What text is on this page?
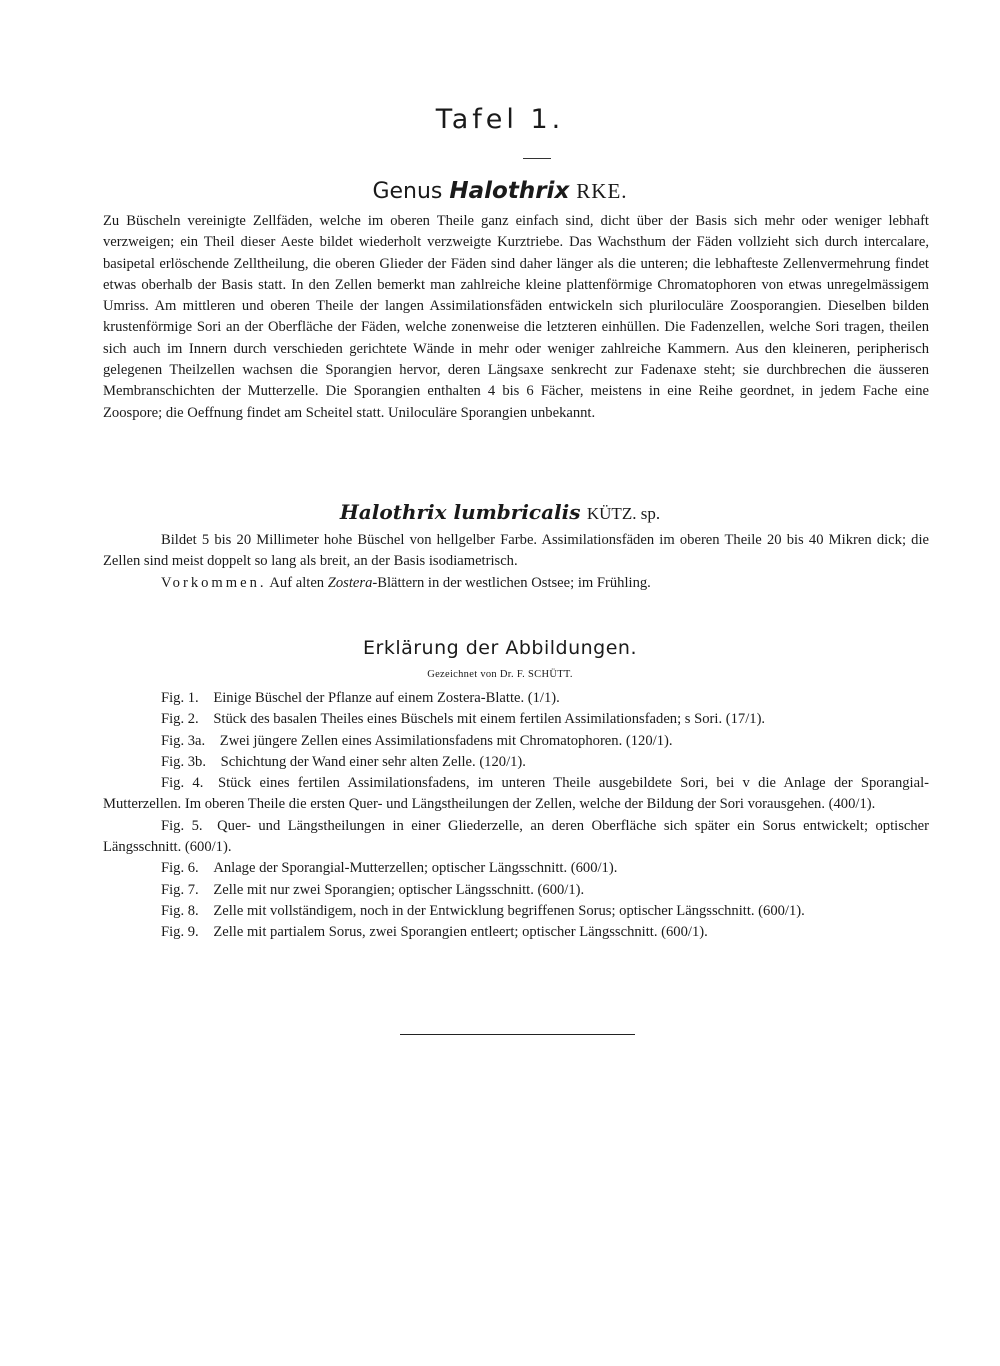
Tafel 1.
Genus Halothrix RKE.

Zu Büscheln vereinigte Zellfäden, welche im oberen Theile ganz einfach sind, dicht über der Basis sich mehr oder weniger lebhaft verzweigen; ein Theil dieser Aeste bildet wiederholt verzweigte Kurztriebe. Das Wachsthum der Fäden vollzieht sich durch intercalare, basipetal erlöschende Zelltheilung, die oberen Glieder der Fäden sind daher länger als die unteren; die lebhafteste Zellenvermehrung findet etwas oberhalb der Basis statt. In den Zellen bemerkt man zahlreiche kleine plattenförmige Chromatophoren von etwas unregelmässigem Umriss. Am mittleren und oberen Theile der langen Assimilationsfäden entwickeln sich pluriloculäre Zoosporangien. Dieselben bilden krustenförmige Sori an der Oberfläche der Fäden, welche zonenweise die letzteren einhüllen. Die Fadenzellen, welche Sori tragen, theilen sich auch im Innern durch verschieden gerichtete Wände in mehr oder weniger zahlreiche Kammern. Aus den kleineren, peripherisch gelegenen Theilzellen wachsen die Sporangien hervor, deren Längsaxe senkrecht zur Fadenaxe steht; sie durchbrechen die äusseren Membranschichten der Mutterzelle. Die Sporangien enthalten 4 bis 6 Fächer, meistens in eine Reihe geordnet, in jedem Fache eine Zoospore; die Oeffnung findet am Scheitel statt. Uniloculäre Sporangien unbekannt.

Halothrix lumbricalis KÜTZ. sp.

Bildet 5 bis 20 Millimeter hohe Büschel von hellgelber Farbe. Assimilationsfäden im oberen Theile 20 bis 40 Mikren dick; die Zellen sind meist doppelt so lang als breit, an der Basis isodiametrisch.

Vorkommen. Auf alten Zostera-Blättern in der westlichen Ostsee; im Frühling.

Erklärung der Abbildungen.
Gezeichnet von Dr. F. SCHÜTT.

Fig. 1.  Einige Büschel der Pflanze auf einem Zostera-Blatte. (1/1).

Fig. 2.  Stück des basalen Theiles eines Büschels mit einem fertilen Assimilationsfaden; s Sori. (17/1).

Fig. 3a.  Zwei jüngere Zellen eines Assimilationsfadens mit Chromatophoren. (120/1).

Fig. 3b.  Schichtung der Wand einer sehr alten Zelle. (120/1).

Fig. 4.  Stück eines fertilen Assimilationsfadens, im unteren Theile ausgebildete Sori, bei v die Anlage der Sporangial-Mutterzellen. Im oberen Theile die ersten Quer- und Längstheilungen der Zellen, welche der Bildung der Sori vorausgehen. (400/1).

Fig. 5.  Quer- und Längstheilungen in einer Gliederzelle, an deren Oberfläche sich später ein Sorus entwickelt; optischer Längsschnitt. (600/1).

Fig. 6.  Anlage der Sporangial-Mutterzellen; optischer Längsschnitt. (600/1).

Fig. 7.  Zelle mit nur zwei Sporangien; optischer Längsschnitt. (600/1).

Fig. 8.  Zelle mit vollständigem, noch in der Entwicklung begriffenen Sorus; optischer Längsschnitt. (600/1).

Fig. 9.  Zelle mit partialem Sorus, zwei Sporangien entleert; optischer Längsschnitt. (600/1).
